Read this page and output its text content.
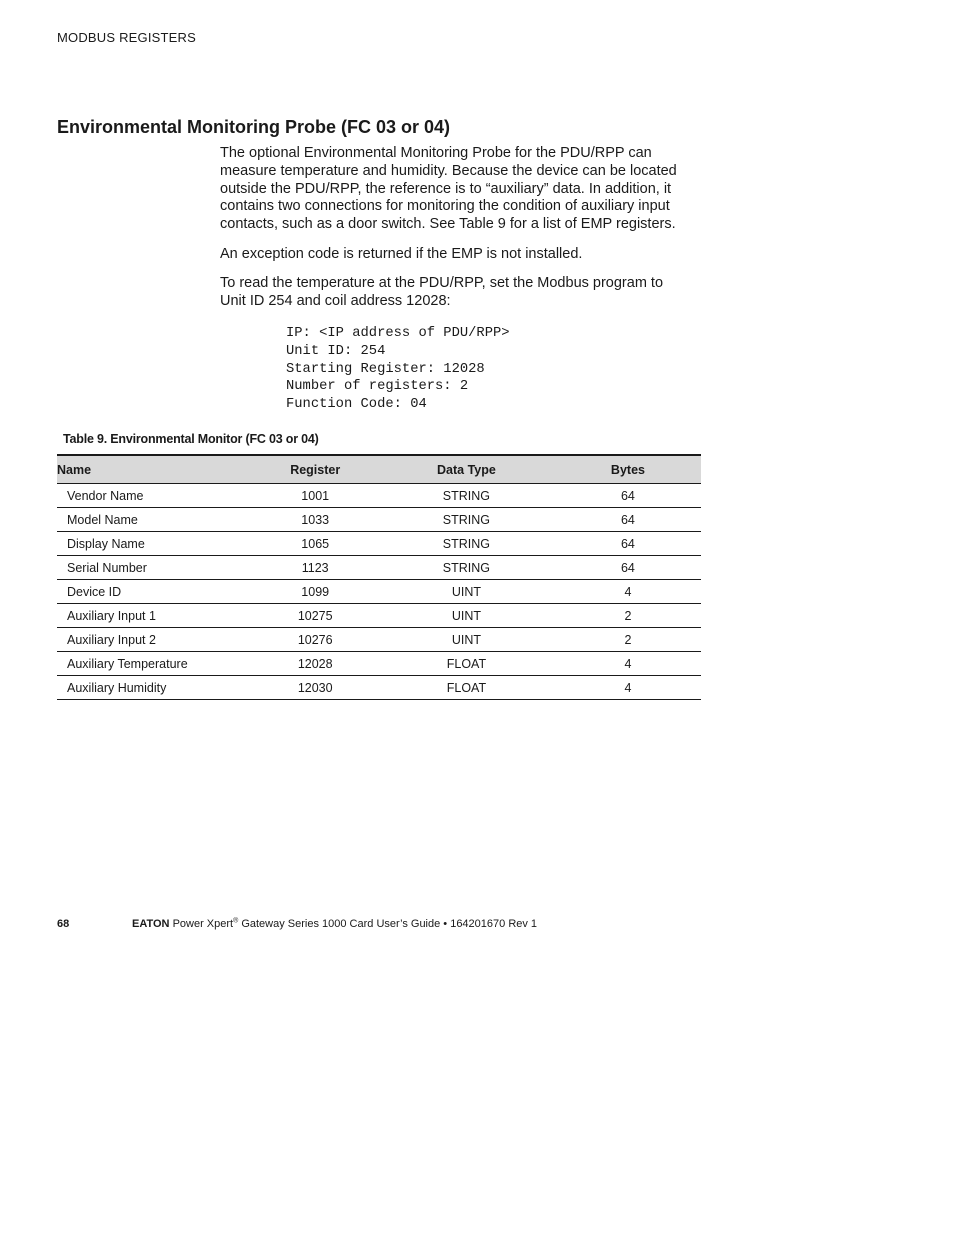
MODBUS REGISTERS
Environmental Monitoring Probe (FC 03 or 04)

The optional Environmental Monitoring Probe for the PDU/RPP can measure temperature and humidity. Because the device can be located outside the PDU/RPP, the reference is to “auxiliary” data. In addition, it contains two connections for monitoring the condition of auxiliary input contacts, such as a door switch. See Table 9 for a list of EMP registers.

An exception code is returned if the EMP is not installed.

To read the temperature at the PDU/RPP, set the Modbus program to Unit ID 254 and coil address 12028:

IP: <IP address of PDU/RPP>
Unit ID: 254
Starting Register: 12028
Number of registers: 2
Function Code: 04
Table 9. Environmental Monitor (FC 03 or 04)
Name	Register	Data Type	Bytes
Vendor Name	1001	STRING	64
Model Name	1033	STRING	64
Display Name	1065	STRING	64
Serial Number	1123	STRING	64
Device ID	1099	UINT	4
Auxiliary Input 1	10275	UINT	2
Auxiliary Input 2	10276	UINT	2
Auxiliary Temperature	12028	FLOAT	4
Auxiliary Humidity	12030	FLOAT	4
68	EATON Power Xpert® Gateway Series 1000 Card User’s Guide • 164201670 Rev 1
